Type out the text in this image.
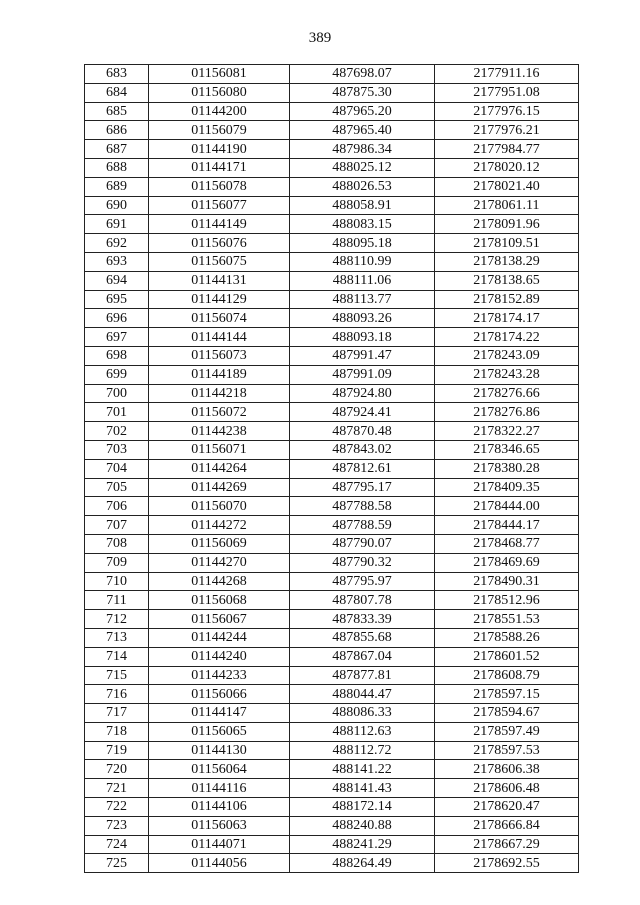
389
683	01156081	487698.07	2177911.16
684	01156080	487875.30	2177951.08
685	01144200	487965.20	2177976.15
686	01156079	487965.40	2177976.21
687	01144190	487986.34	2177984.77
688	01144171	488025.12	2178020.12
689	01156078	488026.53	2178021.40
690	01156077	488058.91	2178061.11
691	01144149	488083.15	2178091.96
692	01156076	488095.18	2178109.51
693	01156075	488110.99	2178138.29
694	01144131	488111.06	2178138.65
695	01144129	488113.77	2178152.89
696	01156074	488093.26	2178174.17
697	01144144	488093.18	2178174.22
698	01156073	487991.47	2178243.09
699	01144189	487991.09	2178243.28
700	01144218	487924.80	2178276.66
701	01156072	487924.41	2178276.86
702	01144238	487870.48	2178322.27
703	01156071	487843.02	2178346.65
704	01144264	487812.61	2178380.28
705	01144269	487795.17	2178409.35
706	01156070	487788.58	2178444.00
707	01144272	487788.59	2178444.17
708	01156069	487790.07	2178468.77
709	01144270	487790.32	2178469.69
710	01144268	487795.97	2178490.31
711	01156068	487807.78	2178512.96
712	01156067	487833.39	2178551.53
713	01144244	487855.68	2178588.26
714	01144240	487867.04	2178601.52
715	01144233	487877.81	2178608.79
716	01156066	488044.47	2178597.15
717	01144147	488086.33	2178594.67
718	01156065	488112.63	2178597.49
719	01144130	488112.72	2178597.53
720	01156064	488141.22	2178606.38
721	01144116	488141.43	2178606.48
722	01144106	488172.14	2178620.47
723	01156063	488240.88	2178666.84
724	01144071	488241.29	2178667.29
725	01144056	488264.49	2178692.55
